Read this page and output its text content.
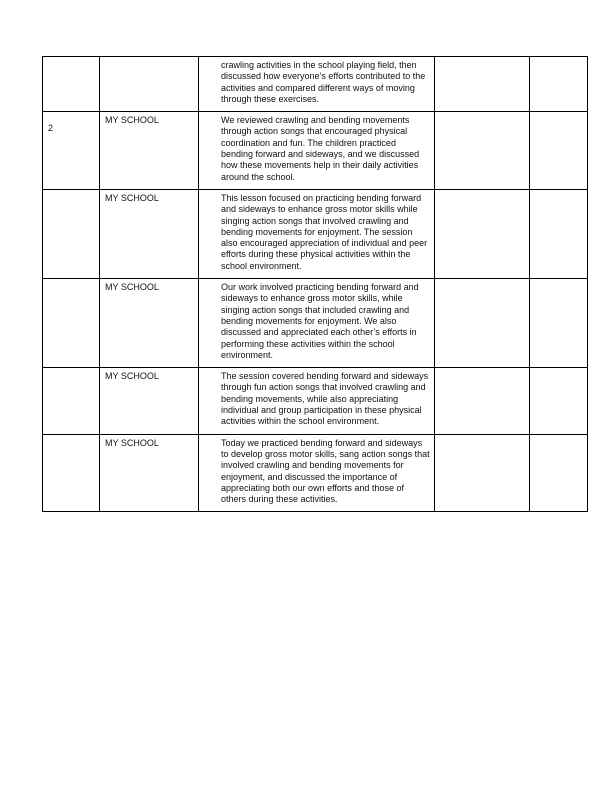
		crawling activities in the school playing field, then discussed how everyone’s efforts contributed to the activities and compared different ways of moving through these exercises.		
2	MY SCHOOL	We reviewed crawling and bending movements through action songs that encouraged physical coordination and fun. The children practiced bending forward and sideways, and we discussed how these movements help in their daily activities around the school.		
	MY SCHOOL	This lesson focused on practicing bending forward and sideways to enhance gross motor skills while singing action songs that involved crawling and bending movements for enjoyment. The session also encouraged appreciation of individual and peer efforts during these physical activities within the school environment.		
	MY SCHOOL	Our work involved practicing bending forward and sideways to enhance gross motor skills, while singing action songs that included crawling and bending movements for enjoyment. We also discussed and appreciated each other’s efforts in performing these activities within the school environment.		
	MY SCHOOL	The session covered bending forward and sideways through fun action songs that involved crawling and bending movements, while also appreciating individual and group participation in these physical activities within the school environment.		
	MY SCHOOL	Today we practiced bending forward and sideways to develop gross motor skills, sang action songs that involved crawling and bending movements for enjoyment, and discussed the importance of appreciating both our own efforts and those of others during these activities.		
